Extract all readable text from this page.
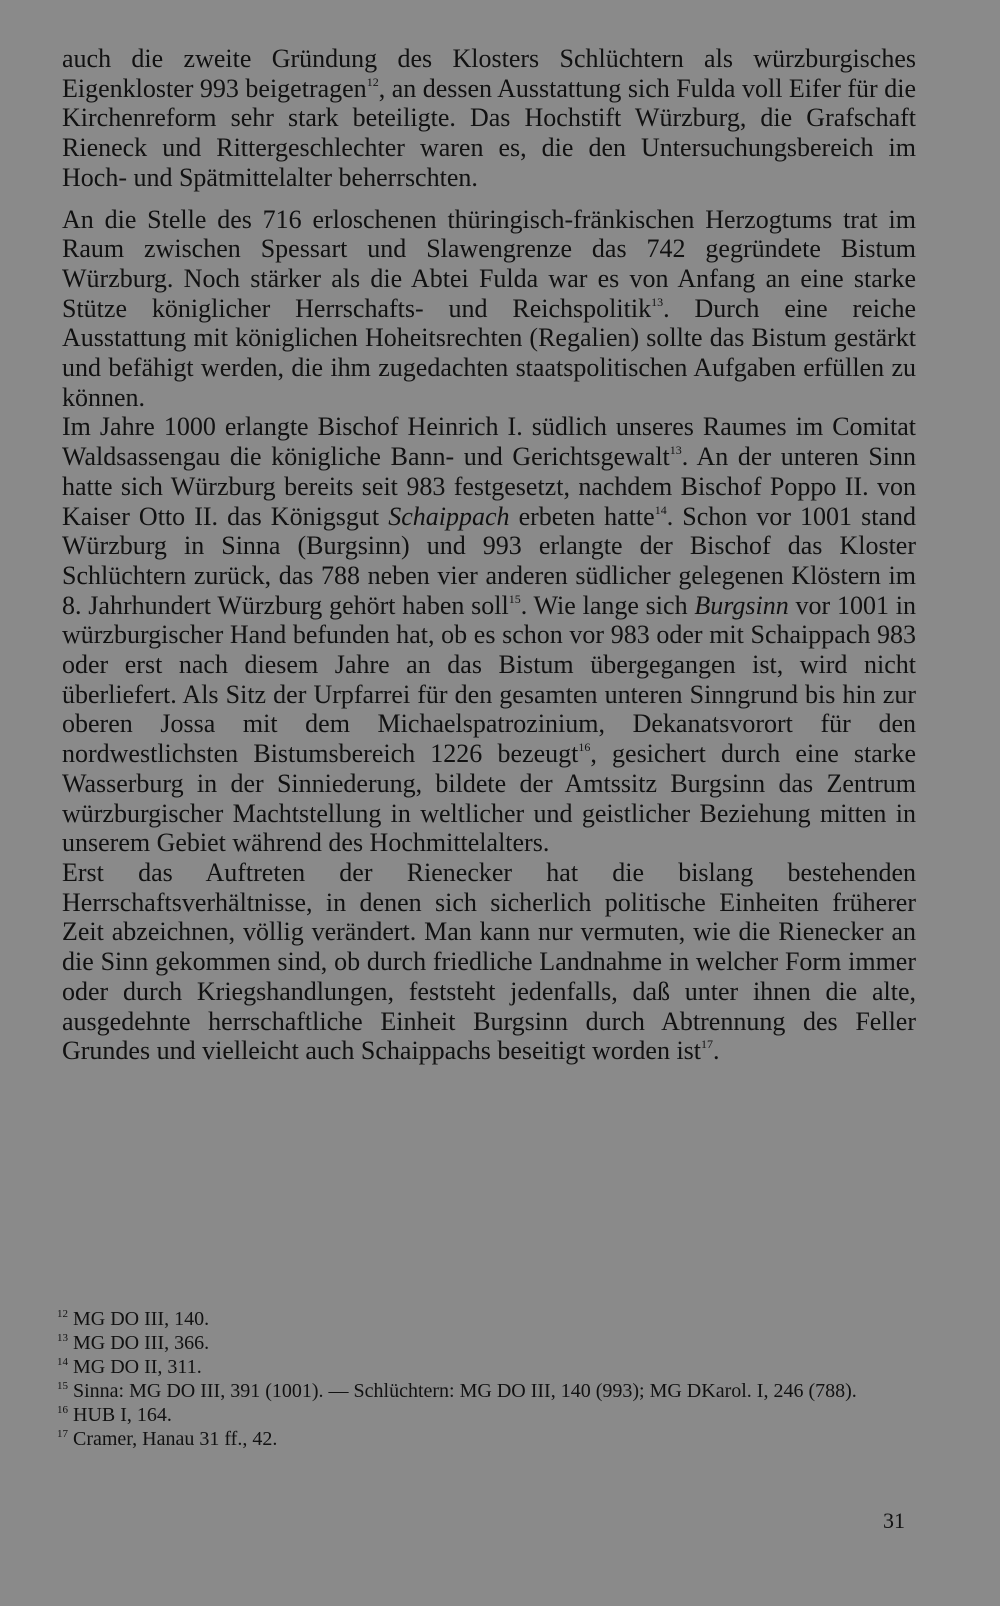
auch die zweite Gründung des Klosters Schlüchtern als würzburgisches Eigenkloster 993 beigetragen$^{12}$, an dessen Ausstattung sich Fulda voll Eifer für die Kirchenreform sehr stark beteiligte. Das Hochstift Würzburg, die Grafschaft Rieneck und Rittergeschlechter waren es, die den Untersuchungsbereich im Hoch- und Spätmittelalter beherrschten.

An die Stelle des 716 erloschenen thüringisch-fränkischen Herzogtums trat im Raum zwischen Spessart und Slawengrenze das 742 gegründete Bistum Würzburg. Noch stärker als die Abtei Fulda war es von Anfang an eine starke Stütze königlicher Herrschafts- und Reichspolitik$^{13}$. Durch eine reiche Ausstattung mit königlichen Hoheitsrechten (Regalien) sollte das Bistum gestärkt und befähigt werden, die ihm zugedachten staatspolitischen Aufgaben erfüllen zu können.

Im Jahre 1000 erlangte Bischof Heinrich I. südlich unseres Raumes im Comitat Waldsassengau die königliche Bann- und Gerichtsgewalt$^{13}$. An der unteren Sinn hatte sich Würzburg bereits seit 983 festgesetzt, nachdem Bischof Poppo II. von Kaiser Otto II. das Königsgut Schaippach erbeten hatte$^{14}$. Schon vor 1001 stand Würzburg in Sinna (Burgsinn) und 993 erlangte der Bischof das Kloster Schlüchtern zurück, das 788 neben vier anderen südlicher gelegenen Klöstern im 8. Jahrhundert Würzburg gehört haben soll$^{15}$. Wie lange sich Burgsinn vor 1001 in würzburgischer Hand befunden hat, ob es schon vor 983 oder mit Schaippach 983 oder erst nach diesem Jahre an das Bistum übergegangen ist, wird nicht überliefert. Als Sitz der Urpfarrei für den gesamten unteren Sinngrund bis hin zur oberen Jossa mit dem Michaelspatrozinium, Dekanatsvorort für den nordwestlichsten Bistumsbereich 1226 bezeugt$^{16}$, gesichert durch eine starke Wasserburg in der Sinniederung, bildete der Amtssitz Burgsinn das Zentrum würzburgischer Machtstellung in weltlicher und geistlicher Beziehung mitten in unserem Gebiet während des Hochmittelalters.

Erst das Auftreten der Rienecker hat die bislang bestehenden Herrschaftsverhältnisse, in denen sich sicherlich politische Einheiten früherer Zeit abzeichnen, völlig verändert. Man kann nur vermuten, wie die Rienecker an die Sinn gekommen sind, ob durch friedliche Landnahme in welcher Form immer oder durch Kriegshandlungen, feststeht jedenfalls, daß unter ihnen die alte, ausgedehnte herrschaftliche Einheit Burgsinn durch Abtrennung des Feller Grundes und vielleicht auch Schaippachs beseitigt worden ist$^{17}$.

$^{12}$ MG DO III, 140.

$^{13}$ MG DO III, 366.

$^{14}$ MG DO II, 311.

$^{15}$ Sinna: MG DO III, 391 (1001). — Schlüchtern: MG DO III, 140 (993); MG DKarol. I, 246 (788).

$^{16}$ HUB I, 164.

$^{17}$ Cramer, Hanau 31 ff., 42.

31
